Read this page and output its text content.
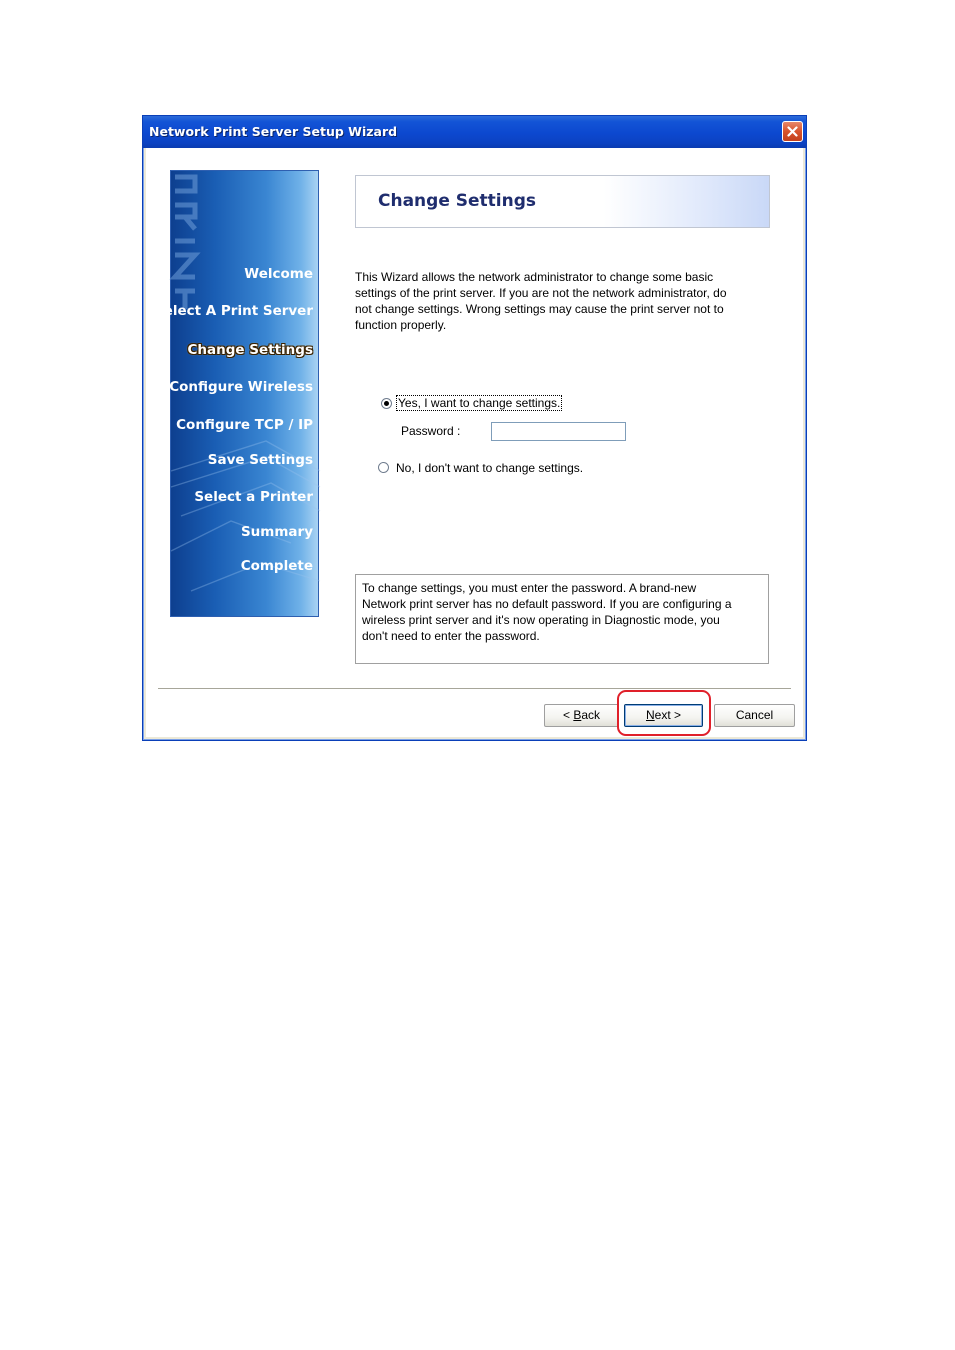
Network Print Server Setup Wizard
PRINT
Welcome
Select A Print Server
Change Settings
Configure Wireless
Configure TCP / IP
Save Settings
Select a Printer
Summary
Complete
Change Settings
This Wizard allows the network administrator to change some basic
settings of the print server. If you are not the network administrator, do
not change settings. Wrong settings may cause the print server not to
function properly.
Yes, I want to change settings.
Password :
No, I don't want to change settings.
To change settings, you must enter the password. A brand-new
Network print server has no default password. If you are configuring a
wireless print server and it's now operating in Diagnostic mode, you
don't need to enter the password.
< Back	Next >	Cancel
